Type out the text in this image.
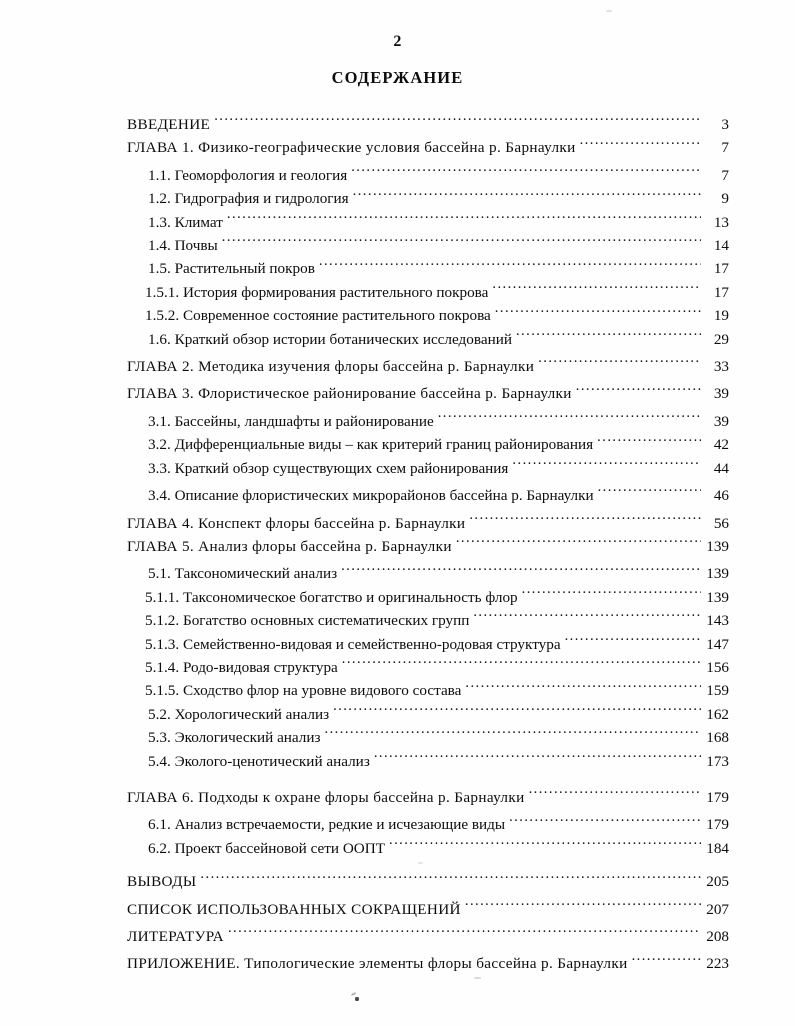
2
СОДЕРЖАНИЕ
ВВЕДЕНИЕ .....	3
ГЛАВА 1. Физико-географические условия бассейна р. Барнаулки .....	7
1.1. Геоморфология и геология .....	7
1.2. Гидрография и гидрология .....	9
1.3. Климат .....	13
1.4. Почвы .....	14
1.5. Растительный покров .....	17
1.5.1. История формирования растительного покрова .....	17
1.5.2. Современное состояние растительного покрова .....	19
1.6. Краткий обзор истории ботанических исследований .....	29
ГЛАВА 2. Методика изучения флоры бассейна р. Барнаулки .....	33
ГЛАВА 3. Флористическое районирование бассейна р. Барнаулки .....	39
3.1. Бассейны, ландшафты и районирование .....	39
3.2. Дифференциальные виды – как критерий границ районирования .....	42
3.3. Краткий обзор существующих схем районирования .....	44
3.4. Описание флористических микрорайонов бассейна р. Барнаулки .....	46
ГЛАВА 4. Конспект флоры бассейна р. Барнаулки .....	56
ГЛАВА 5. Анализ флоры бассейна р. Барнаулки .....	139
5.1. Таксономический анализ .....	139
5.1.1. Таксономическое богатство и оригинальность флор .....	139
5.1.2. Богатство основных систематических групп .....	143
5.1.3. Семейственно-видовая и семейственно-родовая структура .....	147
5.1.4. Родо-видовая структура .....	156
5.1.5. Сходство флор на уровне видового состава .....	159
5.2. Хорологический анализ .....	162
5.3. Экологический анализ .....	168
5.4. Эколого-ценотический анализ .....	173
ГЛАВА 6. Подходы к охране флоры бассейна р. Барнаулки .....	179
6.1. Анализ встречаемости, редкие и исчезающие виды .....	179
6.2. Проект бассейновой сети ООПТ .....	184
ВЫВОДЫ .....	205
СПИСОК ИСПОЛЬЗОВАННЫХ СОКРАЩЕНИЙ .....	207
ЛИТЕРАТУРА .....	208
ПРИЛОЖЕНИЕ. Типологические элементы флоры бассейна р. Барнаулки .....	223
